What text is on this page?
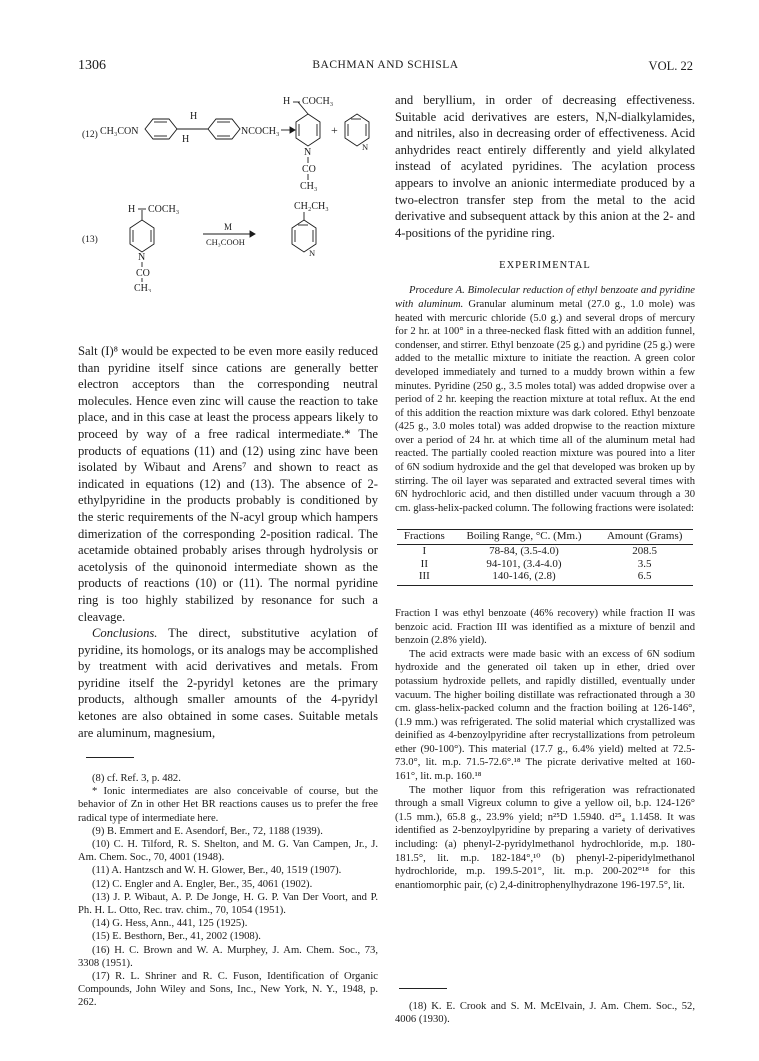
1306	BACHMAN AND SCHISLA	VOL. 22
(12) CH₃CON
H
H
NCOCH₃
H COCH₃
N
CO
CH₃
+
N
(13)
H COCH₃
N
CO
CH₃
M
CH₃COOH
CH₂CH₃
N

Salt (I)⁸ would be expected to be even more easily reduced than pyridine itself since cations are generally better electron acceptors than the corresponding neutral molecules. Hence even zinc will cause the reaction to take place, and in this case at least the process appears likely to proceed by way of a free radical intermediate.* The products of equations (11) and (12) using zinc have been isolated by Wibaut and Arens⁷ and shown to react as indicated in equations (12) and (13). The absence of 2-ethylpyridine in the products probably is conditioned by the steric requirements of the N-acyl group which hampers dimerization of the corresponding 2-position radical. The acetamide obtained probably arises through hydrolysis or acetolysis of the quinonoid intermediate shown as the products of reactions (10) or (11). The normal pyridine ring is too highly stabilized by resonance for such a cleavage.

Conclusions. The direct, substitutive acylation of pyridine, its homologs, or its analogs may be accomplished by treatment with acid derivatives and metals. From pyridine itself the 2-pyridyl ketones are the primary products, although smaller amounts of the 4-pyridyl ketones are also obtained in some cases. Suitable metals are aluminum, magnesium,

(8) cf. Ref. 3, p. 482.

* Ionic intermediates are also conceivable of course, but the behavior of Zn in other Het BR reactions causes us to prefer the free radical type of intermediate here.

(9) B. Emmert and E. Asendorf, Ber., 72, 1188 (1939).

(10) C. H. Tilford, R. S. Shelton, and M. G. Van Campen, Jr., J. Am. Chem. Soc., 70, 4001 (1948).

(11) A. Hantzsch and W. H. Glower, Ber., 40, 1519 (1907).

(12) C. Engler and A. Engler, Ber., 35, 4061 (1902).

(13) J. P. Wibaut, A. P. De Jonge, H. G. P. Van Der Voort, and P. Ph. H. L. Otto, Rec. trav. chim., 70, 1054 (1951).

(14) G. Hess, Ann., 441, 125 (1925).

(15) E. Besthorn, Ber., 41, 2002 (1908).

(16) H. C. Brown and W. A. Murphey, J. Am. Chem. Soc., 73, 3308 (1951).

(17) R. L. Shriner and R. C. Fuson, Identification of Organic Compounds, John Wiley and Sons, Inc., New York, N. Y., 1948, p. 262.

and beryllium, in order of decreasing effectiveness. Suitable acid derivatives are esters, N,N-dialkylamides, and nitriles, also in decreasing order of effectiveness. Acid anhydrides react entirely differently and yield alkylated instead of acylated pyridines. The acylation process appears to involve an anionic intermediate produced by a two-electron transfer step from the metal to the acid derivative and subsequent attack by this anion at the 2- and 4-positions of the pyridine ring.

EXPERIMENTAL

Procedure A. Bimolecular reduction of ethyl benzoate and pyridine with aluminum. Granular aluminum metal (27.0 g., 1.0 mole) was heated with mercuric chloride (5.0 g.) and several drops of mercury for 2 hr. at 100° in a three-necked flask fitted with an addition funnel, condenser, and stirrer. Ethyl benzoate (25 g.) and pyridine (25 g.) were added to the metallic mixture to initiate the reaction. A green color developed immediately and turned to a muddy brown within a few minutes. Pyridine (250 g., 3.5 moles total) was added dropwise over a period of 2 hr. keeping the reaction mixture at total reflux. At the end of this addition the reaction mixture was dark colored. Ethyl benzoate (425 g., 3.0 moles total) was added dropwise to the reaction mixture over a period of 24 hr. at which time all of the aluminum metal had reacted. The partially cooled reaction mixture was poured into a liter of 6N sodium hydroxide and the gel that developed was broken up by stirring. The oil layer was separated and extracted several times with 6N hydrochloric acid, and then distilled under vacuum through a 30 cm. glass-helix-packed column. The following fractions were isolated:

Fractions	Boiling Range, °C. (Mm.)	Amount (Grams)
I	78-84, (3.5-4.0)	208.5
II	94-101, (3.4-4.0)	3.5
III	140-146, (2.8)	6.5

Fraction I was ethyl benzoate (46% recovery) while fraction II was benzoic acid. Fraction III was identified as a mixture of benzil and benzoin (2.8% yield).

The acid extracts were made basic with an excess of 6N sodium hydroxide and the generated oil taken up in ether, dried over potassium hydroxide pellets, and rapidly distilled, eventually under vacuum. The higher boiling distillate was refractionated through a 30 cm. glass-helix-packed column and the fraction boiling at 126-146°, (1.9 mm.) was refrigerated. The solid material which crystallized was deinified as 4-benzoylpyridine after recrystallizations from petroleum ether (90-100°). This material (17.7 g., 6.4% yield) melted at 72.5-73.0°, lit. m.p. 71.5-72.6°.¹⁸ The picrate derivative melted at 160-161°, lit. m.p. 160.¹⁸

The mother liquor from this refrigeration was refractionated through a small Vigreux column to give a yellow oil, b.p. 124-126° (1.5 mm.), 65.8 g., 23.9% yield; n²⁵D 1.5940. d²⁵₄ 1.1458. It was identified as 2-benzoylpyridine by preparing a variety of derivatives including: (a) phenyl-2-pyridylmethanol hydrochloride, m.p. 180-181.5°, lit. m.p. 182-184°,¹⁰ (b) phenyl-2-piperidylmethanol hydrochloride, m.p. 199.5-201°, lit. m.p. 200-202°¹⁸ for this enantiomorphic pair, (c) 2,4-dinitrophenylhydrazone 196-197.5°, lit.

(18) K. E. Crook and S. M. McElvain, J. Am. Chem. Soc., 52, 4006 (1930).
